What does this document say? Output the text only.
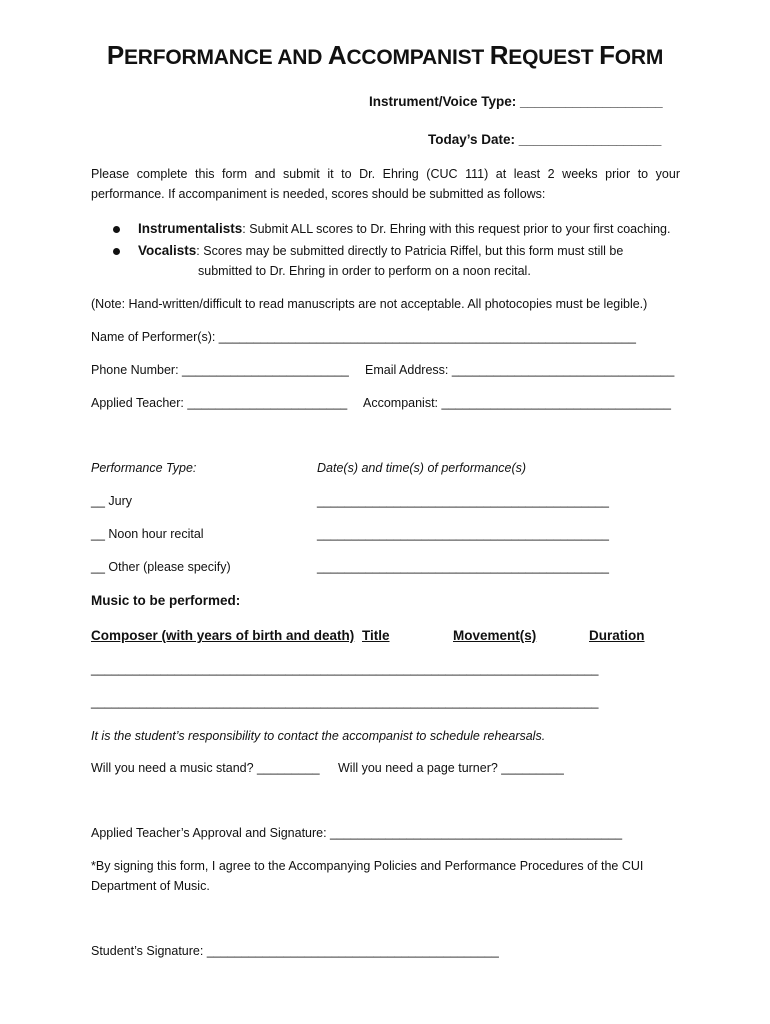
PERFORMANCE AND ACCOMPANIST REQUEST FORM
Instrument/Voice Type: ___________________
Today’s Date: ___________________
Please complete this form and submit it to Dr. Ehring (CUC 111) at least 2 weeks prior to your
performance. If accompaniment is needed, scores should be submitted as follows:
Instrumentalists: Submit ALL scores to Dr. Ehring with this request prior to your first coaching.
Vocalists: Scores may be submitted directly to Patricia Riffel, but this form must still be
submitted to Dr. Ehring in order to perform on a noon recital.
(Note: Hand-written/difficult to read manuscripts are not acceptable. All photocopies must be legible.)
Name of Performer(s): ____________________________________________________________
Phone Number: ________________________ Email Address: ________________________________
Applied Teacher: _______________________ Accompanist: _________________________________
Performance Type:	Date(s) and time(s) of performance(s)
__ Jury	__________________________________________
__ Noon hour recital	__________________________________________
__ Other (please specify)	__________________________________________
Music to be performed:
Composer (with years of birth and death) Title	Movement(s)	Duration
_________________________________________________________________________
_________________________________________________________________________
It is the student’s responsibility to contact the accompanist to schedule rehearsals.
Will you need a music stand? _________ Will you need a page turner? _________
Applied Teacher’s Approval and Signature: __________________________________________
*By signing this form, I agree to the Accompanying Policies and Performance Procedures of the CUI
Department of Music.
Student’s Signature: __________________________________________
